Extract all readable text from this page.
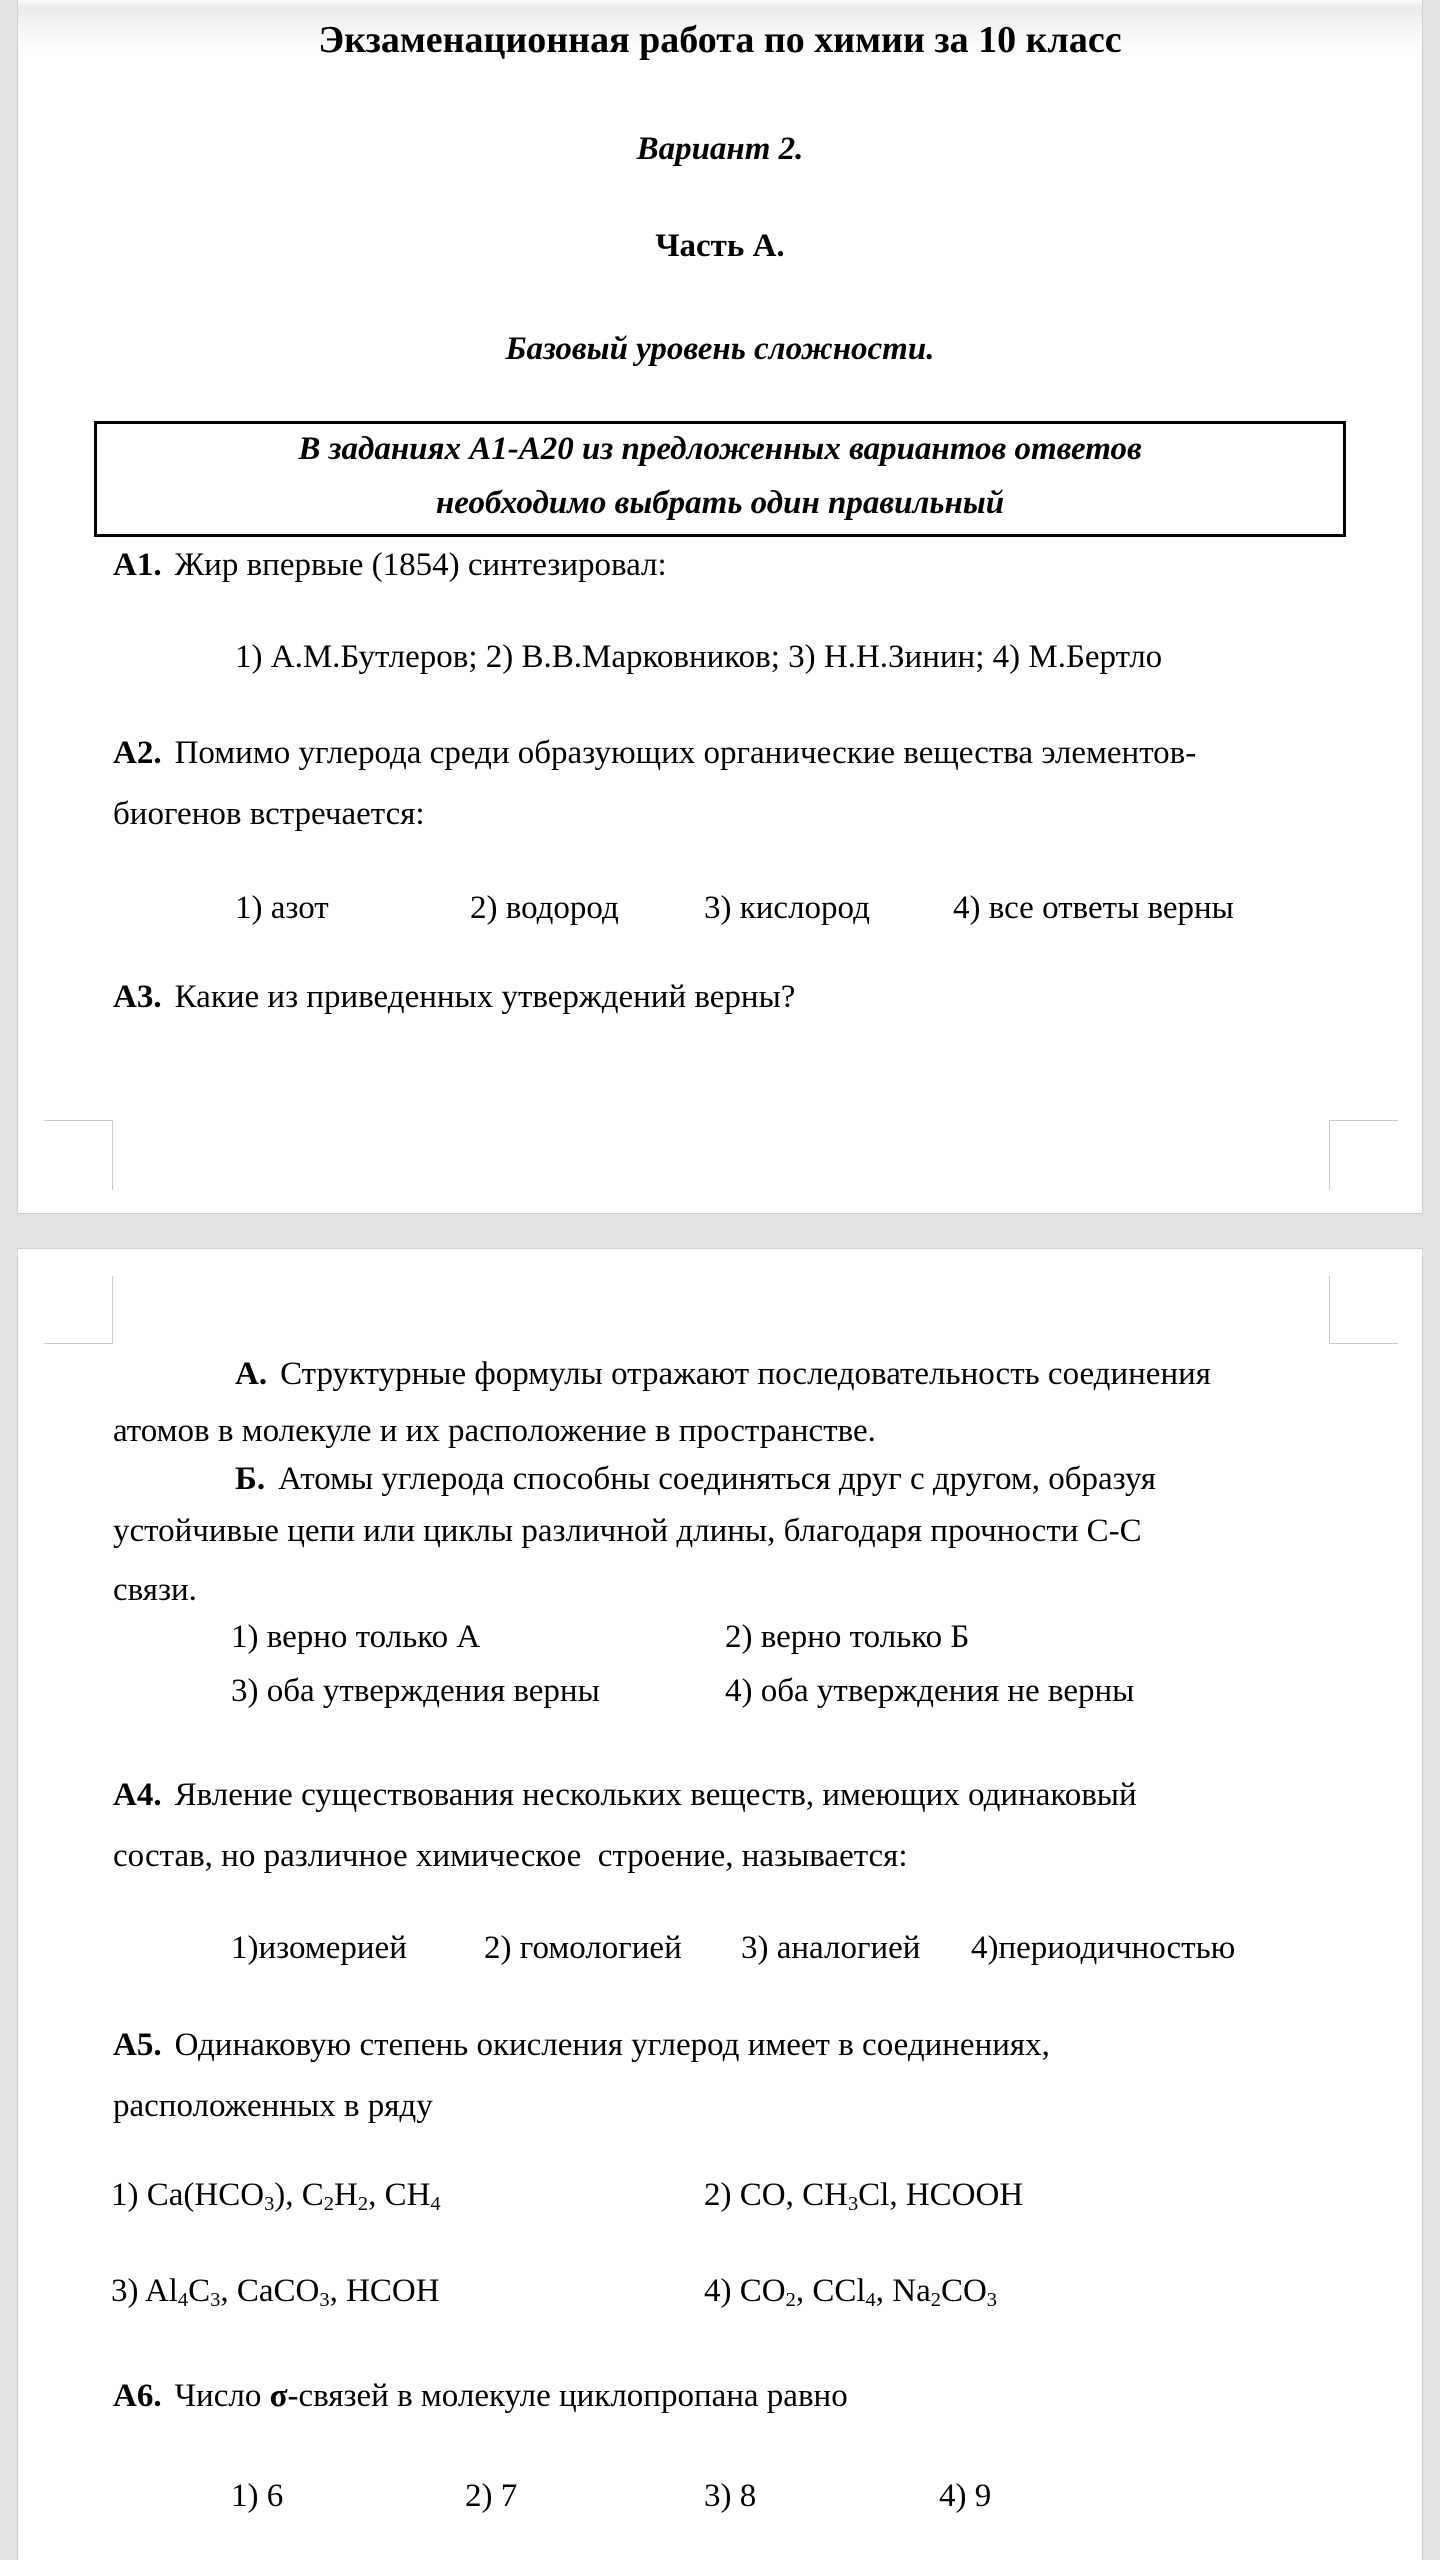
Экзаменационная работа по химии за 10 класс
Вариант 2.
Часть А.
Базовый уровень сложности.
В заданиях А1-А20 из предложенных вариантов ответов
необходимо выбрать один правильный
А1. Жир впервые (1854) синтезировал:
1) А.М.Бутлеров; 2) В.В.Марковников; 3) Н.Н.Зинин; 4) М.Бертло
А2. Помимо углерода среди образующих органические вещества элементов-
биогенов встречается:
1) азот	2) водород	3) кислород	4) все ответы верны
А3. Какие из приведенных утверждений верны?
А. Структурные формулы отражают последовательность соединения
атомов в молекуле и их расположение в пространстве.
Б. Атомы углерода способны соединяться друг с другом, образуя
устойчивые цепи или циклы различной длины, благодаря прочности С-С
связи.
1) верно только А	2) верно только Б
3) оба утверждения верны	4) оба утверждения не верны
А4. Явление существования нескольких веществ, имеющих одинаковый
состав, но различное химическое  строение, называется:
1)изомерией 2) гомологией 3) аналогией 4)периодичностью
А5. Одинаковую степень окисления углерод имеет в соединениях,
расположенных в ряду
1) $Ca(HCO_3)$, $C_2H_2$, $CH_4$	2) CO, $CH_3Cl$, HCOOH
3) $Al_4C_3$, CaCO$_3$, HCOH	4) $CO_2$, CCl$_4$, $Na_2CO_3$
А6. Число σ-связей в молекуле циклопропана равно
1) 6	2) 7	3) 8	4) 9
